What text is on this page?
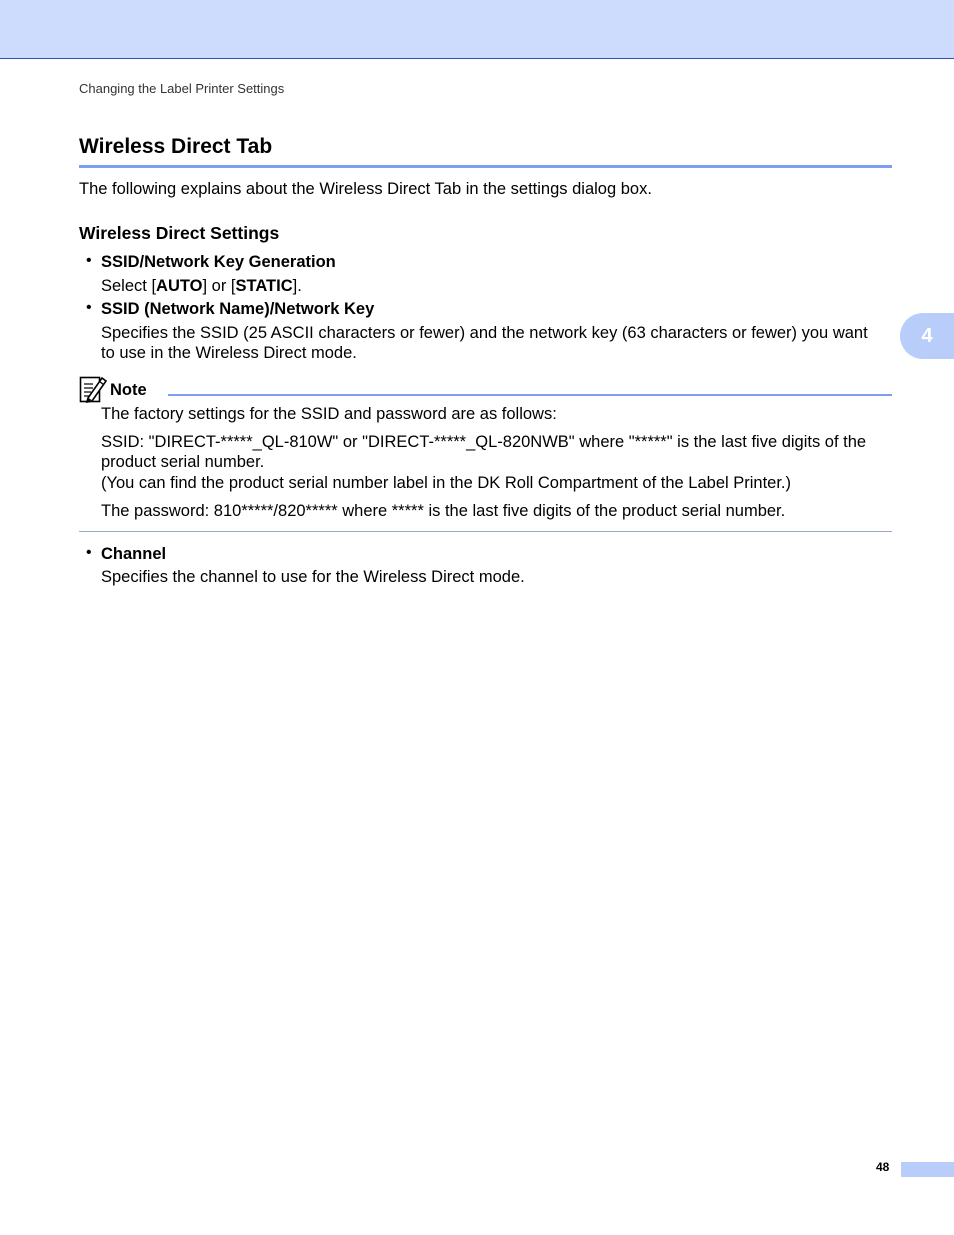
Changing the Label Printer Settings
Wireless Direct Tab
The following explains about the Wireless Direct Tab in the settings dialog box.
Wireless Direct Settings
• SSID/Network Key Generation
Select [AUTO] or [STATIC].
• SSID (Network Name)/Network Key
Specifies the SSID (25 ASCII characters or fewer) and the network key (63 characters or fewer) you want
to use in the Wireless Direct mode.
4
Note
The factory settings for the SSID and password are as follows:
SSID: "DIRECT-*****_QL-810W" or "DIRECT-*****_QL-820NWB" where "*****" is the last five digits of the
product serial number.
(You can find the product serial number label in the DK Roll Compartment of the Label Printer.)
The password: 810*****/820***** where ***** is the last five digits of the product serial number.
• Channel
Specifies the channel to use for the Wireless Direct mode.
48
